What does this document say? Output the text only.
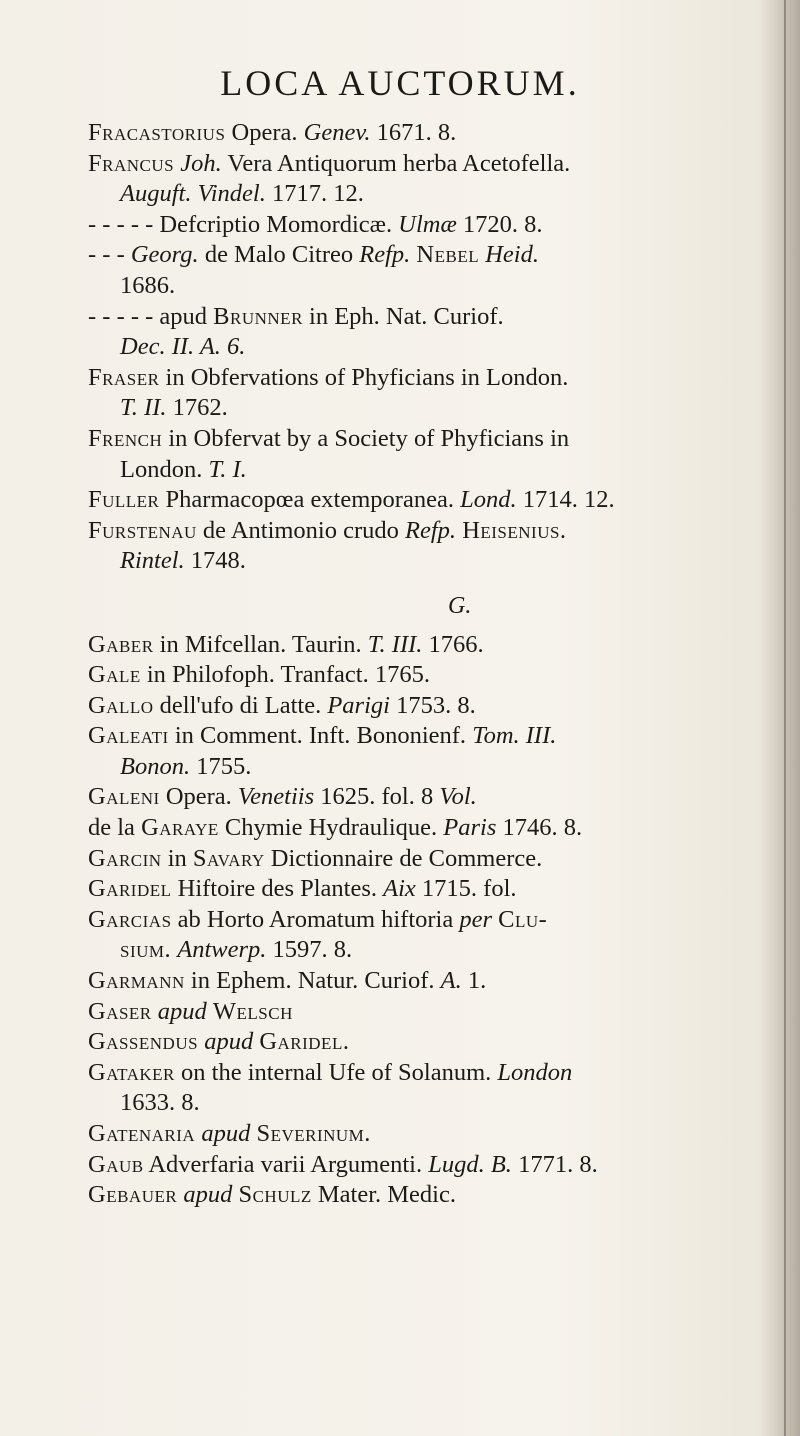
LOCA AUCTORUM.
Fracastorius Opera. Genev. 1671. 8.
Francus Joh. Vera Antiquorum herba Acetofella.
Auguft. Vindel. 1717. 12.
- - - - - Defcriptio Momordicæ. Ulmæ 1720. 8.
- - - Georg. de Malo Citreo Refp. Nebel Heid.
1686.
- - - - - apud Brunner in Eph. Nat. Curiof.
Dec. II. A. 6.
Fraser in Obfervations of Phyficians in London.
T. II. 1762.
French in Obfervat by a Society of Phyficians in
London. T. I.
Fuller Pharmacopœa extemporanea. Lond. 1714. 12.
Furstenau de Antimonio crudo Refp. Heisenius.
Rintel. 1748.
G.
Gaber in Mifcellan. Taurin. T. III. 1766.
Gale in Philofoph. Tranfact. 1765.
Gallo dell'ufo di Latte. Parigi 1753. 8.
Galeati in Comment. Inft. Bononienf. Tom. III.
Bonon. 1755.
Galeni Opera. Venetiis 1625. fol. 8 Vol.
de la Garaye Chymie Hydraulique. Paris 1746. 8.
Garcin in Savary Dictionnaire de Commerce.
Garidel Hiftoire des Plantes. Aix 1715. fol.
Garcias ab Horto Aromatum hiftoria per Clu-
sium. Antwerp. 1597. 8.
Garmann in Ephem. Natur. Curiof. A. 1.
Gaser apud Welsch
Gassendus apud Garidel.
Gataker on the internal Ufe of Solanum. London
1633. 8.
Gatenaria apud Severinum.
Gaub Adverfaria varii Argumenti. Lugd. B. 1771. 8.
Gebauer apud Schulz Mater. Medic.
